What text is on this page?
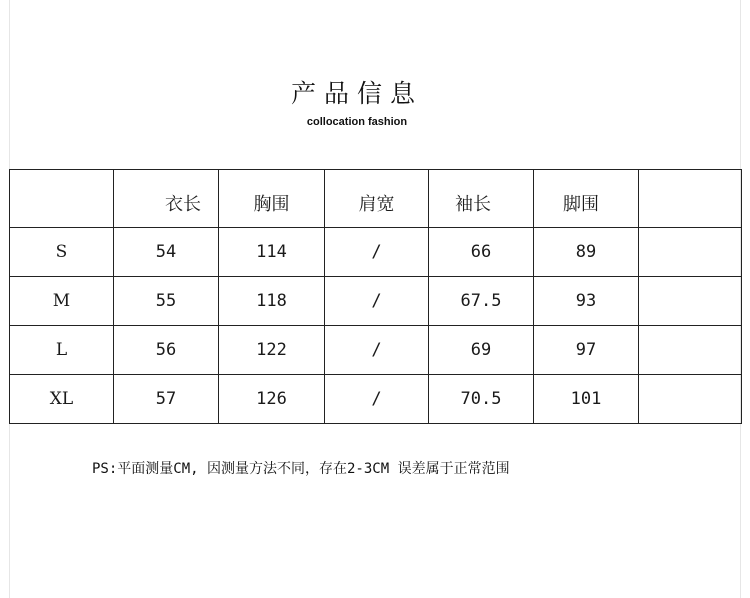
产品信息
collocation fashion

	衣长	胸围	肩宽	袖长	脚围	

S	54	114	/	66	89	
M	55	118	/	67.5	93	
L	56	122	/	69	97	
XL	57	126	/	70.5	101	
PS:平面测量CM, 因测量方法不同，存在2-3CM 误差属于正常范围
